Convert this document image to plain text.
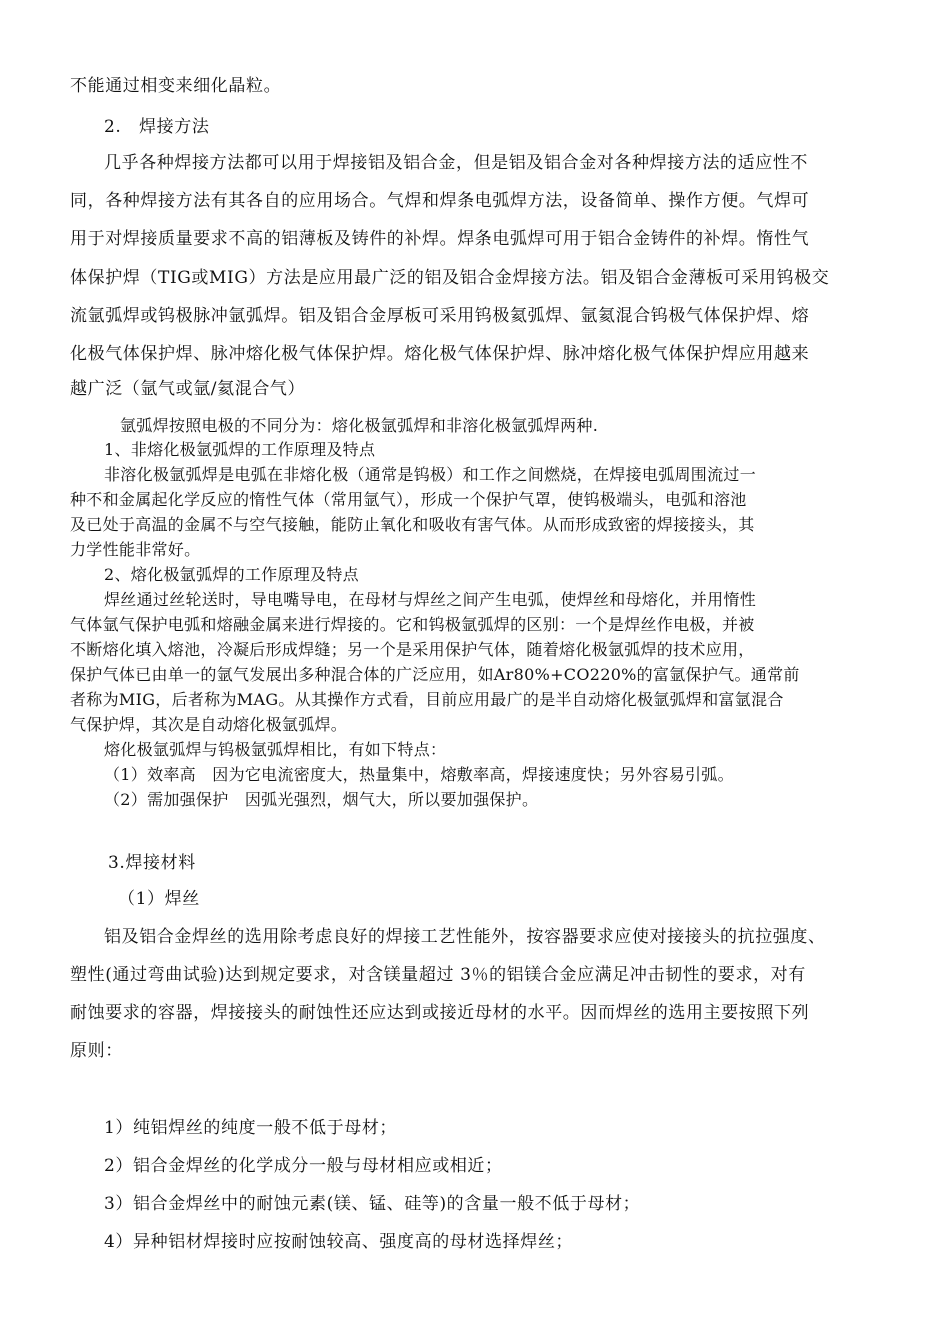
不能通过相变来细化晶粒。
2.　焊接方法
几乎各种焊接方法都可以用于焊接铝及铝合金，但是铝及铝合金对各种焊接方法的适应性不
同，各种焊接方法有其各自的应用场合。气焊和焊条电弧焊方法，设备简单、操作方便。气焊可
用于对焊接质量要求不高的铝薄板及铸件的补焊。焊条电弧焊可用于铝合金铸件的补焊。惰性气
体保护焊（TIG或MIG）方法是应用最广泛的铝及铝合金焊接方法。铝及铝合金薄板可采用钨极交
流氩弧焊或钨极脉冲氩弧焊。铝及铝合金厚板可采用钨极氦弧焊、氩氦混合钨极气体保护焊、熔
化极气体保护焊、脉冲熔化极气体保护焊。熔化极气体保护焊、脉冲熔化极气体保护焊应用越来
越广泛（氩气或氩/氦混合气）
氩弧焊按照电极的不同分为：熔化极氩弧焊和非溶化极氩弧焊两种.
1、非熔化极氩弧焊的工作原理及特点
非溶化极氩弧焊是电弧在非熔化极（通常是钨极）和工作之间燃烧，在焊接电弧周围流过一
种不和金属起化学反应的惰性气体（常用氩气），形成一个保护气罩，使钨极端头，电弧和溶池
及已处于高温的金属不与空气接触，能防止氧化和吸收有害气体。从而形成致密的焊接接头，其
力学性能非常好。
2、熔化极氩弧焊的工作原理及特点
焊丝通过丝轮送时，导电嘴导电，在母材与焊丝之间产生电弧，使焊丝和母熔化，并用惰性
气体氩气保护电弧和熔融金属来进行焊接的。它和钨极氩弧焊的区别：一个是焊丝作电极，并被
不断熔化填入熔池，冷凝后形成焊缝；另一个是采用保护气体，随着熔化极氩弧焊的技术应用，
保护气体已由单一的氩气发展出多种混合体的广泛应用，如Ar80%+CO220%的富氩保护气。通常前
者称为MIG，后者称为MAG。从其操作方式看，目前应用最广的是半自动熔化极氩弧焊和富氩混合
气保护焊，其次是自动熔化极氩弧焊。
熔化极氩弧焊与钨极氩弧焊相比，有如下特点：
（1）效率高　因为它电流密度大，热量集中，熔敷率高，焊接速度快；另外容易引弧。
（2）需加强保护　因弧光强烈，烟气大，所以要加强保护。
3.焊接材料
（1）焊丝
铝及铝合金焊丝的选用除考虑良好的焊接工艺性能外，按容器要求应使对接接头的抗拉强度、
塑性(通过弯曲试验)达到规定要求，对含镁量超过 3％的铝镁合金应满足冲击韧性的要求，对有
耐蚀要求的容器，焊接接头的耐蚀性还应达到或接近母材的水平。因而焊丝的选用主要按照下列
原则：
1）纯铝焊丝的纯度一般不低于母材；
2）铝合金焊丝的化学成分一般与母材相应或相近；
3）铝合金焊丝中的耐蚀元素(镁、锰、硅等)的含量一般不低于母材；
4）异种铝材焊接时应按耐蚀较高、强度高的母材选择焊丝；
